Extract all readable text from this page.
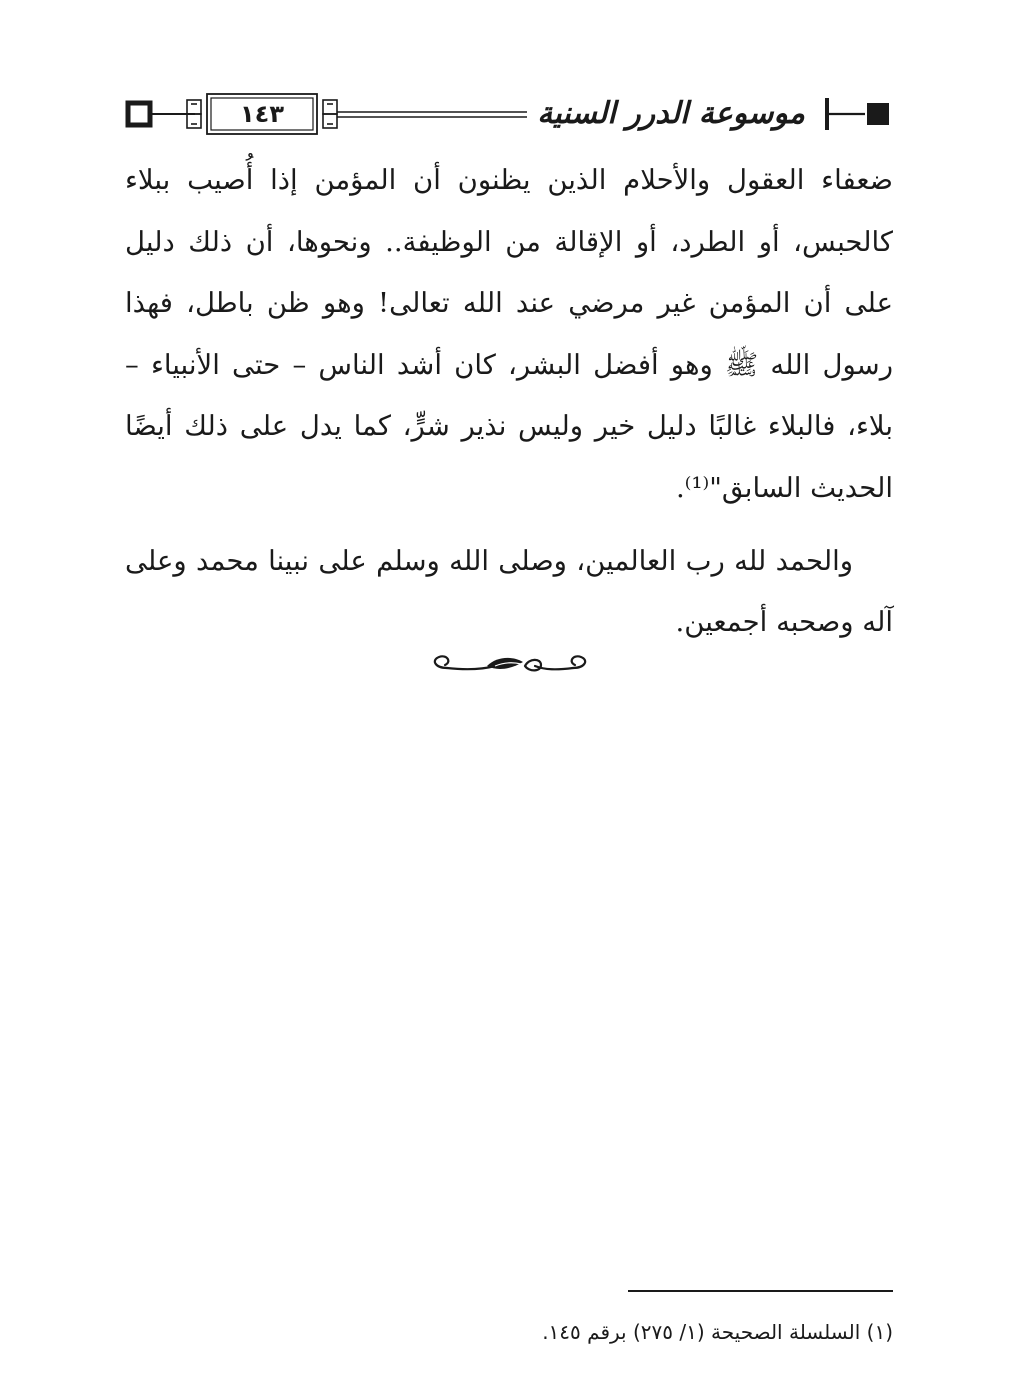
١٤٣	موسوعة الدرر السنية

ضعفاء العقول والأحلام الذين يظنون أن المؤمن إذا أُصيب ببلاء كالحبس، أو الطرد، أو الإقالة من الوظيفة.. ونحوها، أن ذلك دليل على أن المؤمن غير مرضي عند الله تعالى! وهو ظن باطل، فهذا رسول الله ﷺ وهو أفضل البشر، كان أشد الناس – حتى الأنبياء – بلاء، فالبلاء غالبًا دليل خير وليس نذير شرٍّ، كما يدل على ذلك أيضًا الحديث السابق"⁽¹⁾.

والحمد لله رب العالمين، وصلى الله وسلم على نبينا محمد وعلى آله وصحبه أجمعين.

(١) السلسلة الصحيحة (١/ ٢٧٥) برقم ١٤٥.
